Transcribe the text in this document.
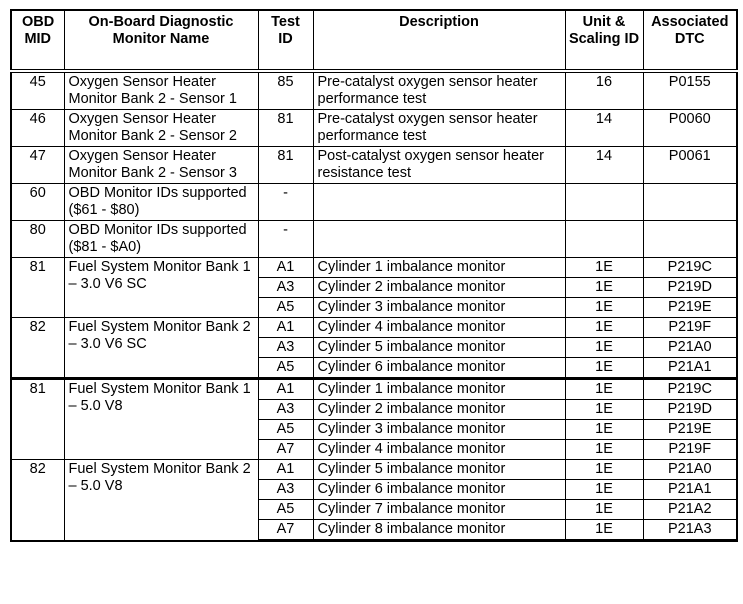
OBD MID	On-Board Diagnostic Monitor Name	Test ID	Description	Unit & Scaling ID	Associated DTC
45	Oxygen Sensor Heater Monitor Bank 2 - Sensor 1	85	Pre-catalyst oxygen sensor heater performance test	16	P0155
46	Oxygen Sensor Heater Monitor Bank 2 - Sensor 2	81	Pre-catalyst oxygen sensor heater performance test	14	P0060
47	Oxygen Sensor Heater Monitor Bank 2 - Sensor 3	81	Post-catalyst oxygen sensor heater resistance test	14	P0061
60	OBD Monitor IDs supported ($61 - $80)	-			
80	OBD Monitor IDs supported ($81 - $A0)	-			
81	Fuel System Monitor Bank 1 – 3.0 V6 SC	A1	Cylinder 1 imbalance monitor	1E	P219C
		A3	Cylinder 2 imbalance monitor	1E	P219D
		A5	Cylinder 3 imbalance monitor	1E	P219E
82	Fuel System Monitor Bank 2 – 3.0 V6 SC	A1	Cylinder 4 imbalance monitor	1E	P219F
		A3	Cylinder 5 imbalance monitor	1E	P21A0
		A5	Cylinder 6 imbalance monitor	1E	P21A1
81	Fuel System Monitor Bank 1 – 5.0 V8	A1	Cylinder 1 imbalance monitor	1E	P219C
		A3	Cylinder 2 imbalance monitor	1E	P219D
		A5	Cylinder 3 imbalance monitor	1E	P219E
		A7	Cylinder 4 imbalance monitor	1E	P219F
82	Fuel System Monitor Bank 2 – 5.0 V8	A1	Cylinder 5 imbalance monitor	1E	P21A0
		A3	Cylinder 6 imbalance monitor	1E	P21A1
		A5	Cylinder 7 imbalance monitor	1E	P21A2
		A7	Cylinder 8 imbalance monitor	1E	P21A3
